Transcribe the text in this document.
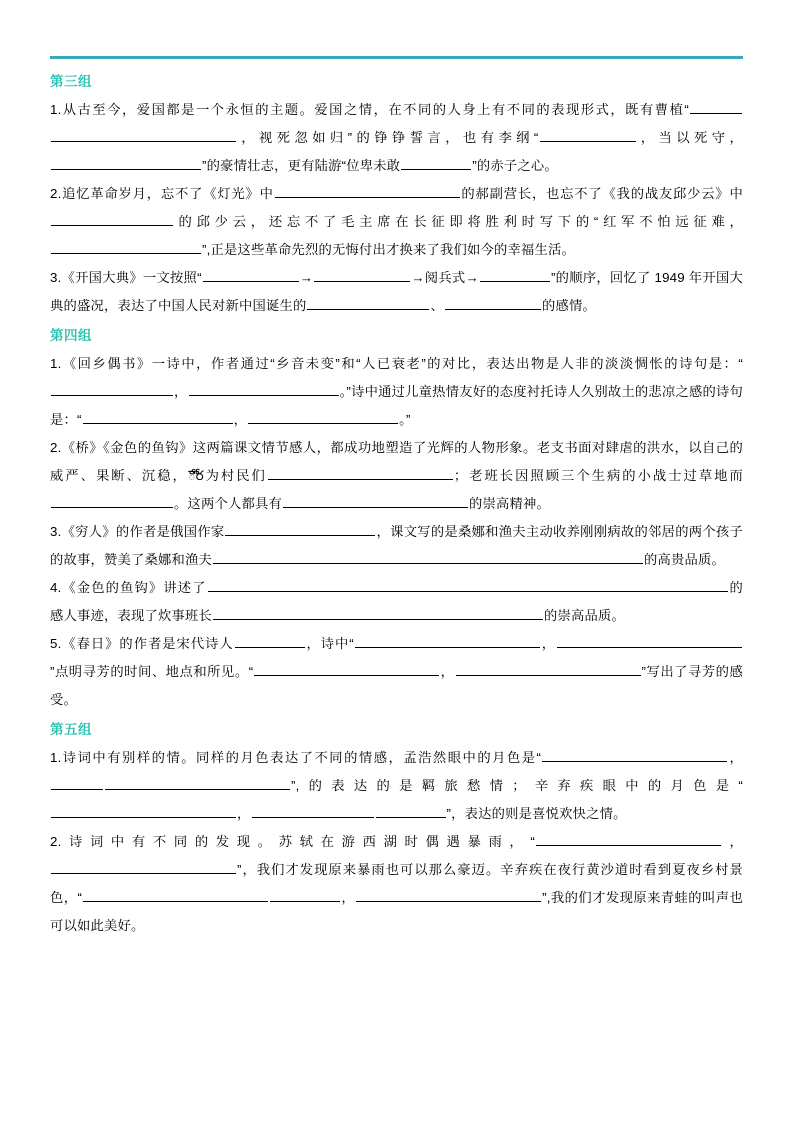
第三组

1.从古至今，爱国都是一个永恒的主题。爱国之情，在不同的人身上有不同的表现形式，既有曹植“，视死忽如归”的铮铮誓言，也有李纲“	，当以死守，”的豪情壮志，更有陆游“位卑未敢	”的赤子之心。

2.追忆革命岁月，忘不了《灯光》中	的郝副营长，也忘不了《我的战友邱少云》中的邱少云，还忘不了毛主席在长征即将胜利时写下的“红军不怕远征难，”,正是这些革命先烈的无悔付出才换来了我们如今的幸福生活。

3.《开国大典》一文按照“	→	→阅兵式→	”的顺序，回忆了 1949 年开国大典的盛况，表达了中国人民对新中国诞生的	、	的感情。

第四组

1.《回乡偶书》一诗中，作者通过“乡音未变”和“人已衰老”的对比，表达出物是人非的淡淡惆怅的诗句是：“，	。”诗中通过儿童热情友好的态度衬托诗人久别故土的悲凉之感的诗句是：“	，	。”

2.《桥》《金色的鱼钩》这两篇课文情节感人，都成功地塑造了光辉的人物形象。老支书面对肆虐的洪水，以自己的威严、果断、沉稳，ేోర为村民们	；老班长因照顾三个生病的小战士过草地而。这两个人都具有	的崇高精神。

3.《穷人》的作者是俄国作家	，课文写的是桑娜和渔夫主动收养刚刚病故的邻居的两个孩子的故事，赞美了桑娜和渔夫	的高贵品质。

4.《金色的鱼钩》讲述了	的感人事迹，表现了炊事班长	的崇高品质。

5.《春日》的作者是宋代诗人	，诗中“	，”点明寻芳的时间、地点和所见。“	，	”写出了寻芳的感受。

第五组

1.诗词中有别样的情。同样的月色表达了不同的情感，孟浩然眼中的月色是“	，”,的表达的是羁旅愁情；辛弃疾眼中的月色是“，	”，表达的则是喜悦欢快之情。

2.诗词中有不同的发现。苏轼在游西湖时偶遇暴雨，“	，”，我们才发现原来暴雨也可以那么豪迈。辛弃疾在夜行黄沙道时看到夏夜乡村景色，“	，	”,我的们才发现原来青蛙的叫声也可以如此美好。
